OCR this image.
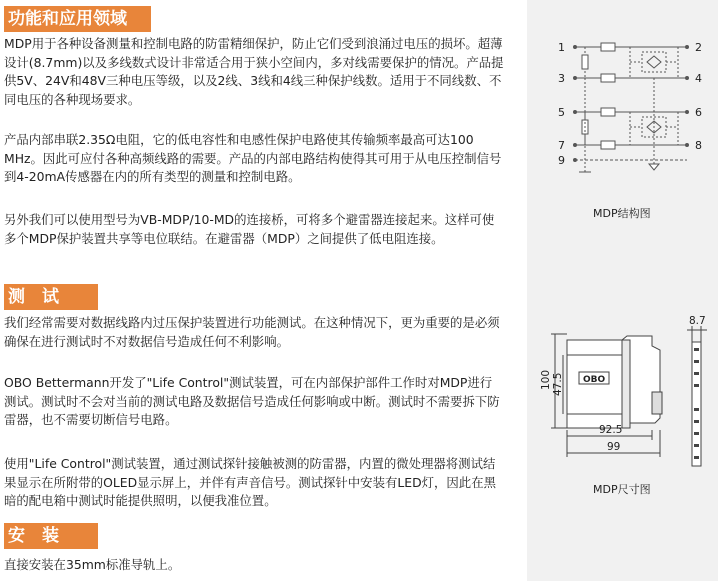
功能和应用领域

MDP用于各种设备测量和控制电路的防雷精细保护，防止它们受到浪涌过电压的损坏。超薄设计(8.7mm)以及多线数式设计非常适合用于狭小空间内，多对线需要保护的情况。产品提供5V、24V和48V三种电压等级，以及2线、3线和4线三种保护线数。适用于不同线数、不同电压的各种现场要求。

产品内部串联2.35Ω电阻，它的低电容性和电感性保护电路使其传输频率最高可达100 MHz。因此可应付各种高频线路的需要。产品的内部电路结构使得其可用于从电压控制信号到4-20mA传感器在内的所有类型的测量和控制电路。

另外我们可以使用型号为VB-MDP/10-MD的连接桥，可将多个避雷器连接起来。这样可使多个MDP保护装置共享等电位联结。在避雷器（MDP）之间提供了低电阻连接。

测　试

我们经常需要对数据线路内过压保护装置进行功能测试。在这种情况下，更为重要的是必须确保在进行测试时不对数据信号造成任何不利影响。

OBO Bettermann开发了"Life Control"测试装置，可在内部保护部件工作时对MDP进行测试。测试时不会对当前的测试电路及数据信号造成任何影响或中断。测试时不需要拆下防雷器，也不需要切断信号电路。

使用"Life Control"测试装置，通过测试探针接触被测的防雷器，内置的微处理器将测试结果显示在所附带的OLED显示屏上，并伴有声音信号。测试探针中安装有LED灯，因此在黑暗的配电箱中测试时能提供照明，以便我准位置。

安　装

直接安装在35mm标准导轨上。

1
3
5
7
9
2
4
6
8
MDP结构图
8.7
92.5
99
100 47.5 OBO
MDP尺寸图
